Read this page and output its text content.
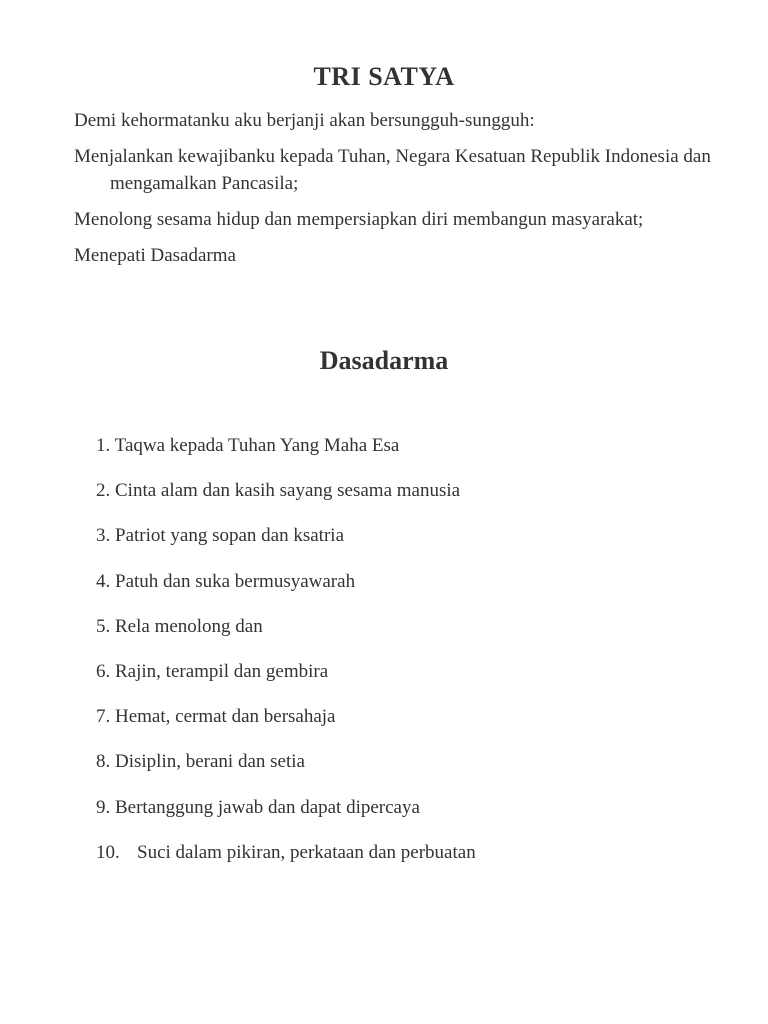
TRI SATYA

Demi kehormatanku aku berjanji akan bersungguh-sungguh:

Menjalankan kewajibanku kepada Tuhan, Negara Kesatuan Republik Indonesia dan mengamalkan Pancasila;

Menolong sesama hidup dan mempersiapkan diri membangun masyarakat;

Menepati Dasadarma

Dasadarma
1. Taqwa kepada Tuhan Yang Maha Esa
2. Cinta alam dan kasih sayang sesama manusia
3. Patriot yang sopan dan ksatria
4. Patuh dan suka bermusyawarah
5. Rela menolong dan
6. Rajin, terampil dan gembira
7. Hemat, cermat dan bersahaja
8. Disiplin, berani dan setia
9. Bertanggung jawab dan dapat dipercaya
10. Suci dalam pikiran, perkataan dan perbuatan
